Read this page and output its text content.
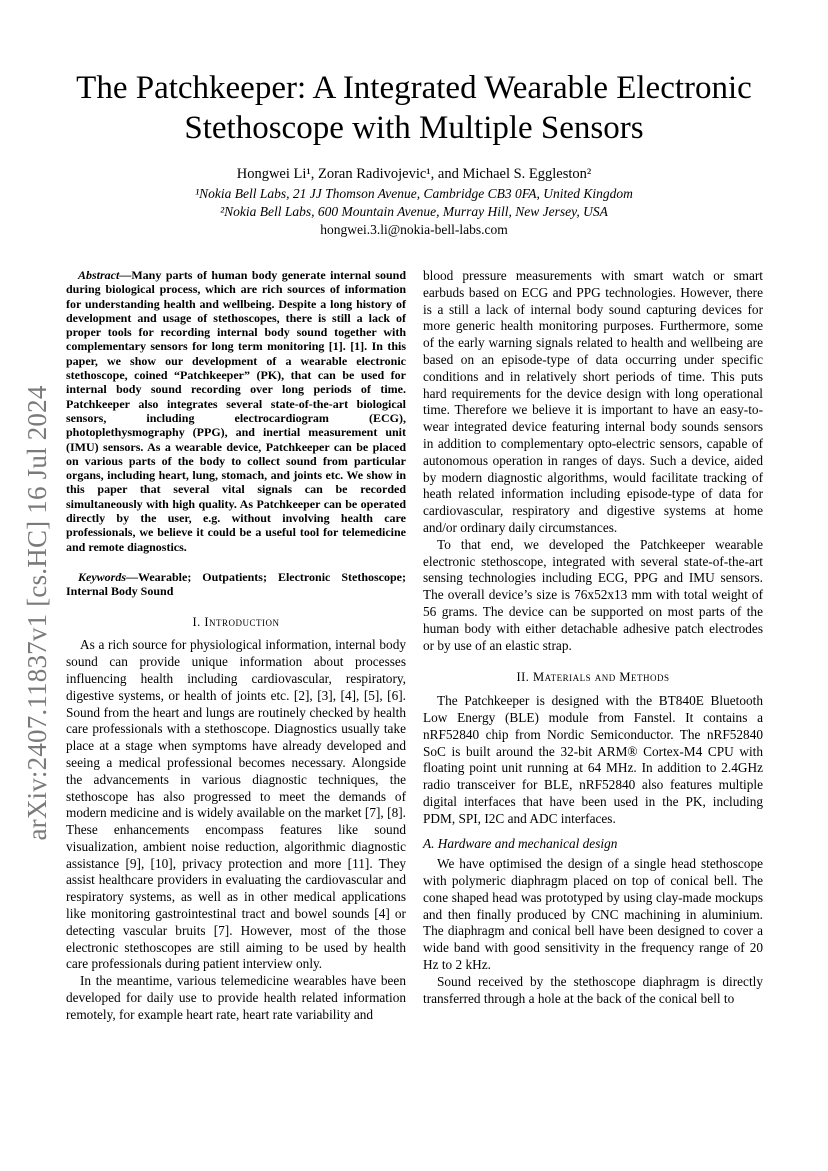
arXiv:2407.11837v1 [cs.HC] 16 Jul 2024
The Patchkeeper: A Integrated Wearable Electronic
Stethoscope with Multiple Sensors
Hongwei Li¹, Zoran Radivojevic¹, and Michael S. Eggleston²
¹Nokia Bell Labs, 21 JJ Thomson Avenue, Cambridge CB3 0FA, United Kingdom
²Nokia Bell Labs, 600 Mountain Avenue, Murray Hill, New Jersey, USA
hongwei.3.li@nokia-bell-labs.com

Abstract—Many parts of human body generate internal sound during biological process, which are rich sources of information for understanding health and wellbeing. Despite a long history of development and usage of stethoscopes, there is still a lack of proper tools for recording internal body sound together with complementary sensors for long term monitoring [1]. [1]. In this paper, we show our development of a wearable electronic stethoscope, coined “Patchkeeper” (PK), that can be used for internal body sound recording over long periods of time. Patchkeeper also integrates several state-of-the-art biological sensors, including electrocardiogram (ECG), photoplethysmography (PPG), and inertial measurement unit (IMU) sensors. As a wearable device, Patchkeeper can be placed on various parts of the body to collect sound from particular organs, including heart, lung, stomach, and joints etc. We show in this paper that several vital signals can be recorded simultaneously with high quality. As Patchkeeper can be operated directly by the user, e.g. without involving health care professionals, we believe it could be a useful tool for telemedicine and remote diagnostics.

Keywords—Wearable; Outpatients; Electronic Stethoscope; Internal Body Sound

I. Introduction

As a rich source for physiological information, internal body sound can provide unique information about processes influencing health including cardiovascular, respiratory, digestive systems, or health of joints etc. [2], [3], [4], [5], [6]. Sound from the heart and lungs are routinely checked by health care professionals with a stethoscope. Diagnostics usually take place at a stage when symptoms have already developed and seeing a medical professional becomes necessary. Alongside the advancements in various diagnostic techniques, the stethoscope has also progressed to meet the demands of modern medicine and is widely available on the market [7], [8]. These enhancements encompass features like sound visualization, ambient noise reduction, algorithmic diagnostic assistance [9], [10], privacy protection and more [11]. They assist healthcare providers in evaluating the cardiovascular and respiratory systems, as well as in other medical applications like monitoring gastrointestinal tract and bowel sounds [4] or detecting vascular bruits [7]. However, most of the those electronic stethoscopes are still aiming to be used by health care professionals during patient interview only.

In the meantime, various telemedicine wearables have been developed for daily use to provide health related information remotely, for example heart rate, heart rate variability and

blood pressure measurements with smart watch or smart earbuds based on ECG and PPG technologies. However, there is a still a lack of internal body sound capturing devices for more generic health monitoring purposes. Furthermore, some of the early warning signals related to health and wellbeing are based on an episode-type of data occurring under specific conditions and in relatively short periods of time. This puts hard requirements for the device design with long operational time. Therefore we believe it is important to have an easy-to-wear integrated device featuring internal body sounds sensors in addition to complementary opto-electric sensors, capable of autonomous operation in ranges of days. Such a device, aided by modern diagnostic algorithms, would facilitate tracking of heath related information including episode-type of data for cardiovascular, respiratory and digestive systems at home and/or ordinary daily circumstances.

To that end, we developed the Patchkeeper wearable electronic stethoscope, integrated with several state-of-the-art sensing technologies including ECG, PPG and IMU sensors. The overall device’s size is 76x52x13 mm with total weight of 56 grams. The device can be supported on most parts of the human body with either detachable adhesive patch electrodes or by use of an elastic strap.

II. Materials and Methods

The Patchkeeper is designed with the BT840E Bluetooth Low Energy (BLE) module from Fanstel. It contains a nRF52840 chip from Nordic Semiconductor. The nRF52840 SoC is built around the 32-bit ARM® Cortex-M4 CPU with floating point unit running at 64 MHz. In addition to 2.4GHz radio transceiver for BLE, nRF52840 also features multiple digital interfaces that have been used in the PK, including PDM, SPI, I2C and ADC interfaces.

A. Hardware and mechanical design

We have optimised the design of a single head stethoscope with polymeric diaphragm placed on top of conical bell. The cone shaped head was prototyped by using clay-made mockups and then finally produced by CNC machining in aluminium. The diaphragm and conical bell have been designed to cover a wide band with good sensitivity in the frequency range of 20 Hz to 2 kHz.

Sound received by the stethoscope diaphragm is directly transferred through a hole at the back of the conical bell to
